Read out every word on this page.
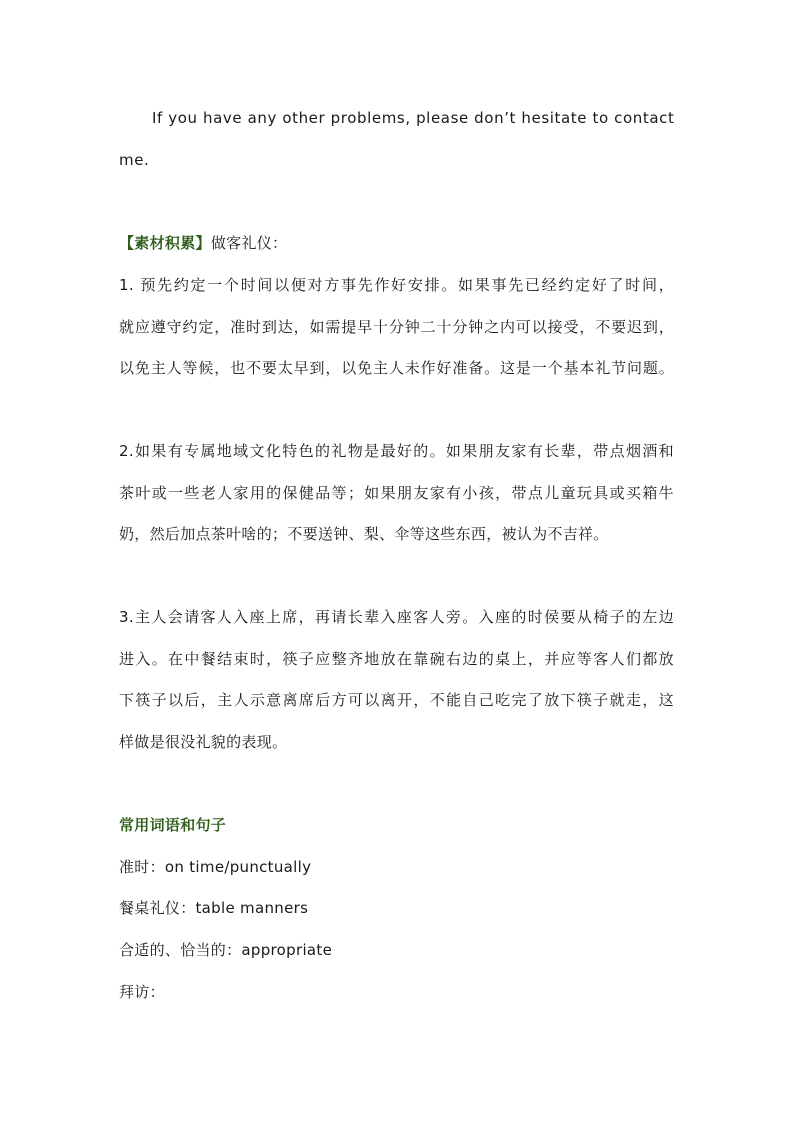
If you have any other problems, please don’t hesitate to contact
me.
【素材积累】做客礼仪：
1. 预先约定一个时间以便对方事先作好安排。如果事先已经约定好了时间，
就应遵守约定，准时到达，如需提早十分钟二十分钟之内可以接受，不要迟到，
以免主人等候，也不要太早到，以免主人未作好准备。这是一个基本礼节问题。
2.如果有专属地域文化特色的礼物是最好的。如果朋友家有长辈，带点烟酒和
茶叶或一些老人家用的保健品等；如果朋友家有小孩，带点儿童玩具或买箱牛
奶，然后加点茶叶啥的；不要送钟、梨、伞等这些东西，被认为不吉祥。
3.主人会请客人入座上席，再请长辈入座客人旁。入座的时侯要从椅子的左边
进入。在中餐结束时，筷子应整齐地放在靠碗右边的桌上，并应等客人们都放
下筷子以后，主人示意离席后方可以离开，不能自己吃完了放下筷子就走，这
样做是很没礼貌的表现。
常用词语和句子
准时：on time/punctually
餐桌礼仪：table manners
合适的、恰当的：appropriate
拜访：
